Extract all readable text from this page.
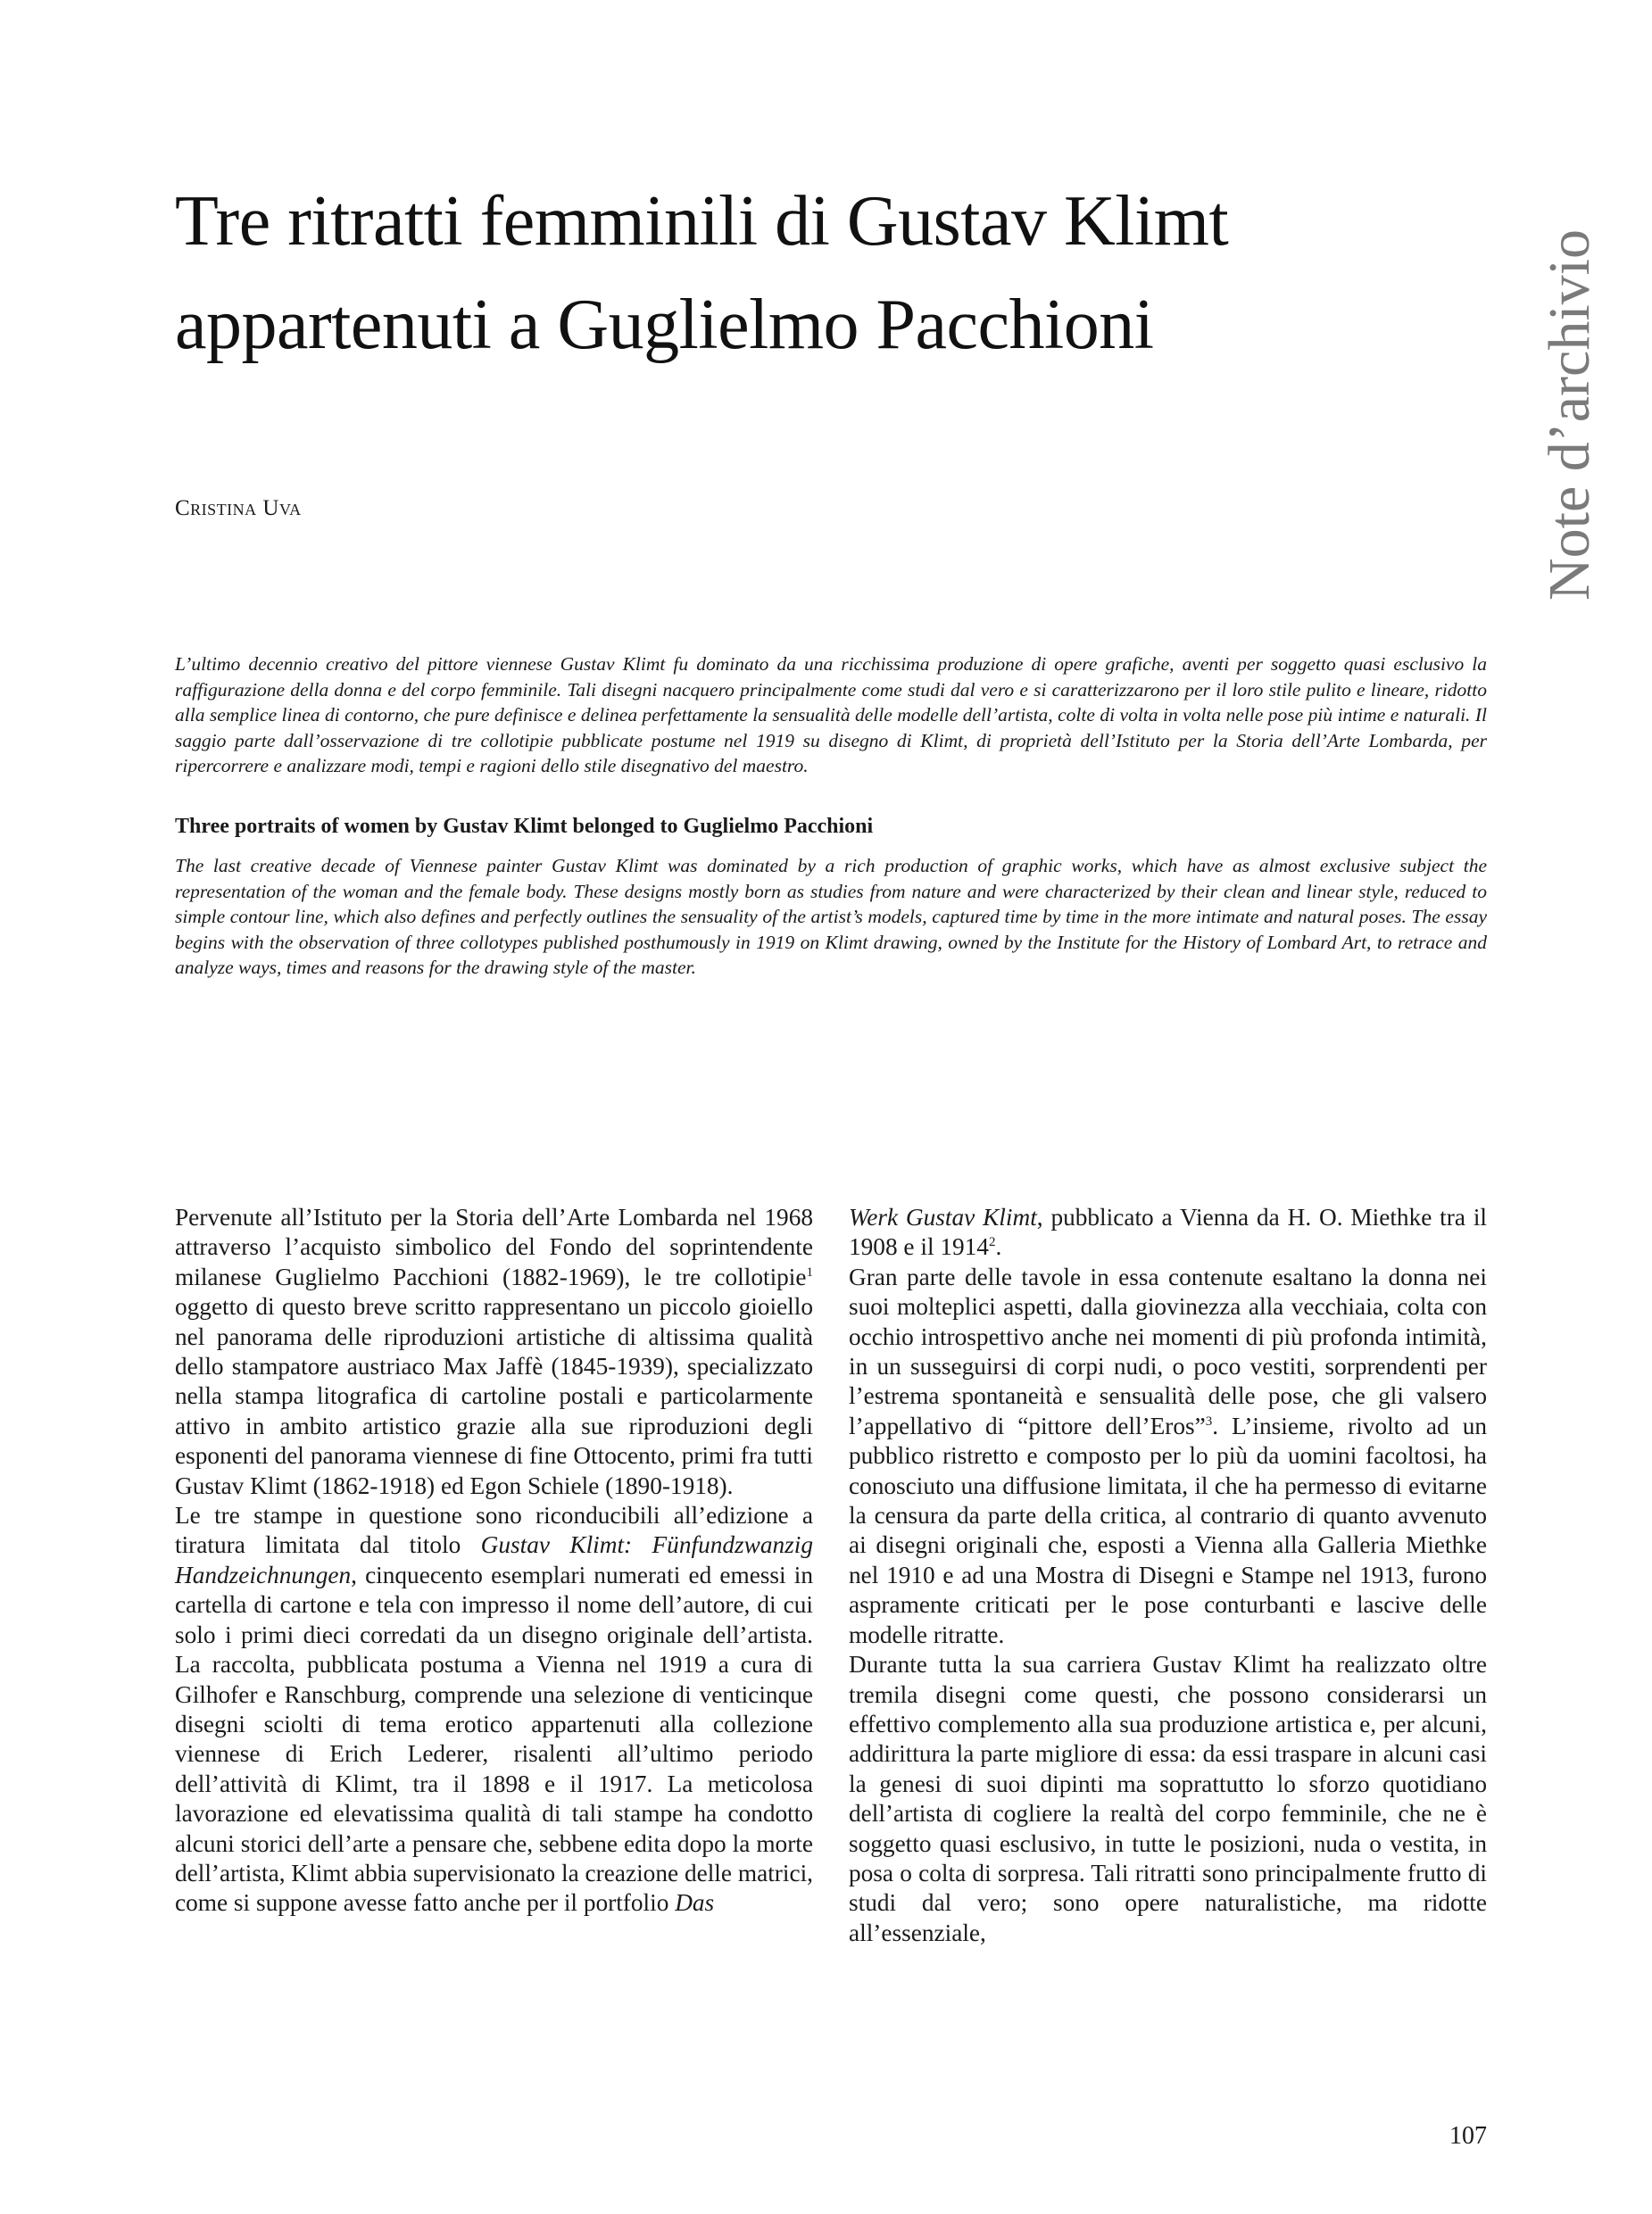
Tre ritratti femminili di Gustav Klimt
appartenuti a Guglielmo Pacchioni	Note d’archivio
Cristina Uva

L’ultimo decennio creativo del pittore viennese Gustav Klimt fu dominato da una ricchissima produzione di opere grafiche, aventi per soggetto quasi esclusivo la raffigurazione della donna e del corpo femminile. Tali disegni nacquero principalmente come studi dal vero e si caratterizzarono per il loro stile pulito e lineare, ridotto alla semplice linea di contorno, che pure definisce e delinea perfettamente la sensualità delle modelle dell’artista, colte di volta in volta nelle pose più intime e naturali. Il saggio parte dall’osservazione di tre collotipie pubblicate postume nel 1919 su disegno di Klimt, di proprietà dell’Istituto per la Storia dell’Arte Lombarda, per ripercorrere e analizzare modi, tempi e ragioni dello stile disegnativo del maestro.

Three portraits of women by Gustav Klimt belonged to Guglielmo Pacchioni

The last creative decade of Viennese painter Gustav Klimt was dominated by a rich production of graphic works, which have as almost exclusive subject the representation of the woman and the female body. These designs mostly born as studies from nature and were characterized by their clean and linear style, reduced to simple contour line, which also defines and perfectly outlines the sensuality of the artist’s models, captured time by time in the more intimate and natural poses. The essay begins with the observation of three collotypes published posthumously in 1919 on Klimt drawing, owned by the Institute for the History of Lombard Art, to retrace and analyze ways, times and reasons for the drawing style of the master.

Pervenute all’Istituto per la Storia dell’Arte Lombarda nel 1968 attraverso l’acquisto simbolico del Fondo del soprintendente milanese Guglielmo Pacchioni (1882-1969), le tre collotipie$^1$ oggetto di questo breve scritto rappresentano un piccolo gioiello nel panorama delle riproduzioni artistiche di altissima qualità dello stampatore austriaco Max Jaffè (1845-1939), specializzato nella stampa litografica di cartoline postali e particolarmente attivo in ambito artistico grazie alla sue riproduzioni degli esponenti del panorama viennese di fine Ottocento, primi fra tutti Gustav Klimt (1862-1918) ed Egon Schiele (1890-1918).

Le tre stampe in questione sono riconducibili all’edizione a tiratura limitata dal titolo Gustav Klimt: Fünfundzwanzig Handzeichnungen, cinquecento esemplari numerati ed emessi in cartella di cartone e tela con impresso il nome dell’autore, di cui solo i primi dieci corredati da un disegno originale dell’artista. La raccolta, pubblicata postuma a Vienna nel 1919 a cura di Gilhofer e Ranschburg, comprende una selezione di venticinque disegni sciolti di tema erotico appartenuti alla collezione viennese di Erich Lederer, risalenti all’ultimo periodo dell’attività di Klimt, tra il 1898 e il 1917. La meticolosa lavorazione ed elevatissima qualità di tali stampe ha condotto alcuni storici dell’arte a pensare che, sebbene edita dopo la morte dell’artista, Klimt abbia supervisionato la creazione delle matrici, come si suppone avesse fatto anche per il portfolio Das

Werk Gustav Klimt, pubblicato a Vienna da H. O. Miethke tra il 1908 e il 1914$^2$.

Gran parte delle tavole in essa contenute esaltano la donna nei suoi molteplici aspetti, dalla giovinezza alla vecchiaia, colta con occhio introspettivo anche nei momenti di più profonda intimità, in un susseguirsi di corpi nudi, o poco vestiti, sorprendenti per l’estrema spontaneità e sensualità delle pose, che gli valsero l’appellativo di “pittore dell’Eros”$^3$. L’insieme, rivolto ad un pubblico ristretto e composto per lo più da uomini facoltosi, ha conosciuto una diffusione limitata, il che ha permesso di evitarne la censura da parte della critica, al contrario di quanto avvenuto ai disegni originali che, esposti a Vienna alla Galleria Miethke nel 1910 e ad una Mostra di Disegni e Stampe nel 1913, furono aspramente criticati per le pose conturbanti e lascive delle modelle ritratte.

Durante tutta la sua carriera Gustav Klimt ha realizzato oltre tremila disegni come questi, che possono considerarsi un effettivo complemento alla sua produzione artistica e, per alcuni, addirittura la parte migliore di essa: da essi traspare in alcuni casi la genesi di suoi dipinti ma soprattutto lo sforzo quotidiano dell’artista di cogliere la realtà del corpo femminile, che ne è soggetto quasi esclusivo, in tutte le posizioni, nuda o vestita, in posa o colta di sorpresa. Tali ritratti sono principalmente frutto di studi dal vero; sono opere naturalistiche, ma ridotte all’essenziale,

107
